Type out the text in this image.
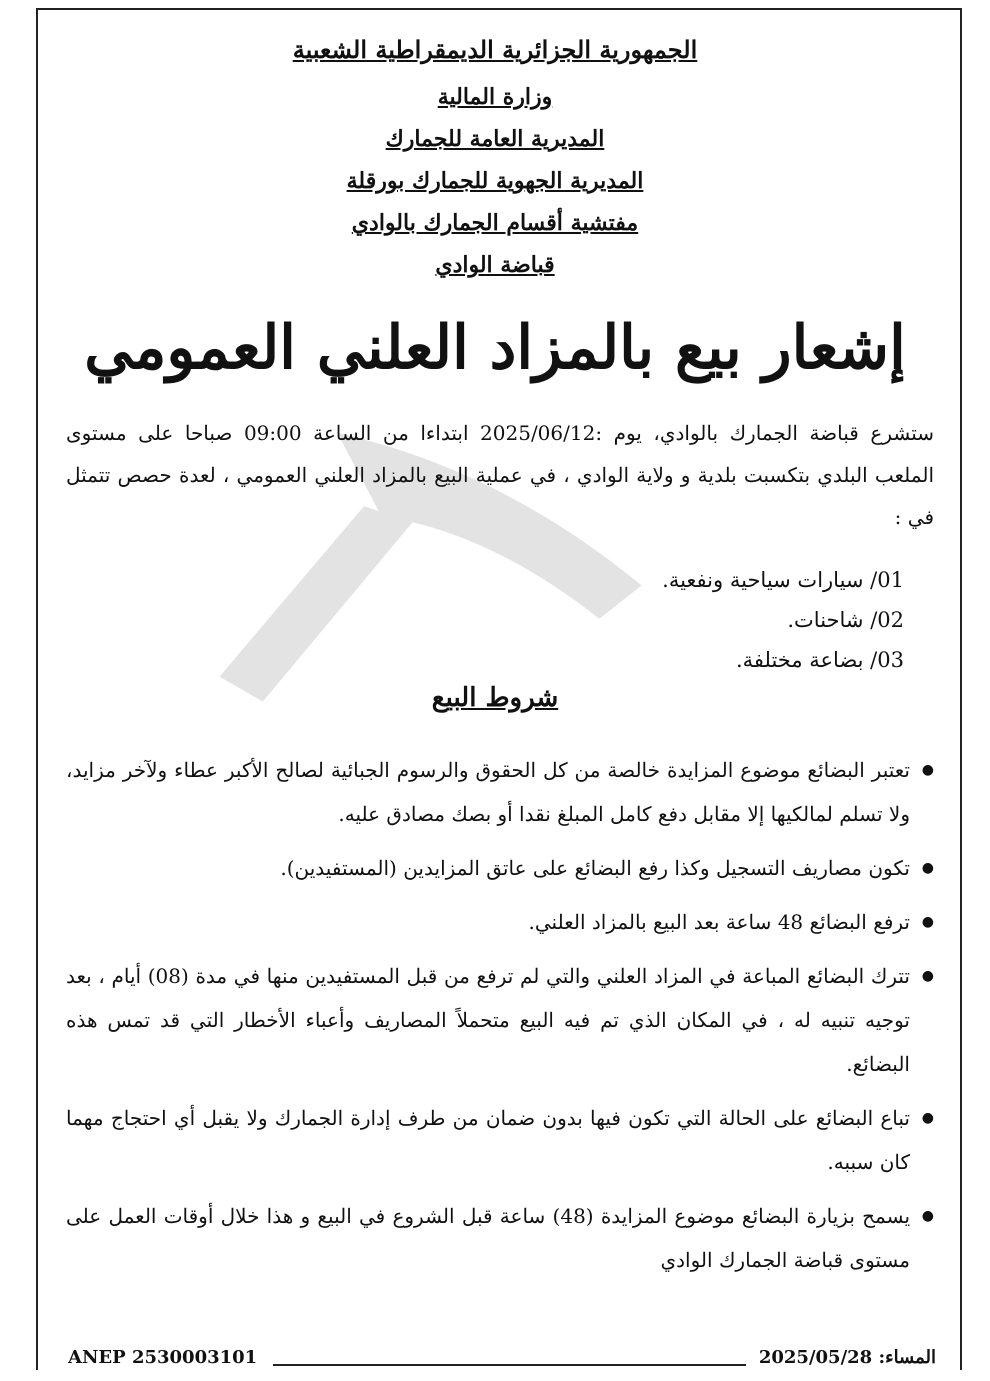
الجمهورية الجزائرية الديمقراطية الشعبية
وزارة المالية
المديرية العامة للجمارك
المديرية الجهوية للجمارك بورقلة
مفتشية أقسام الجمارك بالوادي
قباضة الوادي
إشعار بيع بالمزاد العلني العمومي
ستشرع قباضة الجمارك بالوادي، يوم :2025/06/12 ابتداءا من الساعة 09:00 صباحا على مستوى الملعب البلدي بتكسبت بلدية و ولاية الوادي ، في عملية البيع بالمزاد العلني العمومي ، لعدة حصص تتمثل في :
01/ سيارات سياحية ونفعية.
02/ شاحنات.
03/ بضاعة مختلفة.
شروط البيع
● تعتبر البضائع موضوع المزايدة خالصة من كل الحقوق والرسوم الجبائية لصالح الأكبر عطاء ولآخر مزايد، ولا تسلم لمالكيها إلا مقابل دفع كامل المبلغ نقدا أو بصك مصادق عليه.
● تكون مصاريف التسجيل وكذا رفع البضائع على عاتق المزايدين (المستفيدين).
● ترفع البضائع 48 ساعة بعد البيع بالمزاد العلني.
● تترك البضائع المباعة في المزاد العلني والتي لم ترفع من قبل المستفيدين منها في مدة (08) أيام ، بعد توجيه تنبيه له ، في المكان الذي تم فيه البيع متحملاً المصاريف وأعباء الأخطار التي قد تمس هذه البضائع.
● تباع البضائع على الحالة التي تكون فيها بدون ضمان من طرف إدارة الجمارك ولا يقبل أي احتجاج مهما كان سببه.
● يسمح بزيارة البضائع موضوع المزايدة (48) ساعة قبل الشروع في البيع و هذا خلال أوقات العمل على مستوى قباضة الجمارك الوادي
ANEP 2530003101	المساء: 2025/05/28
